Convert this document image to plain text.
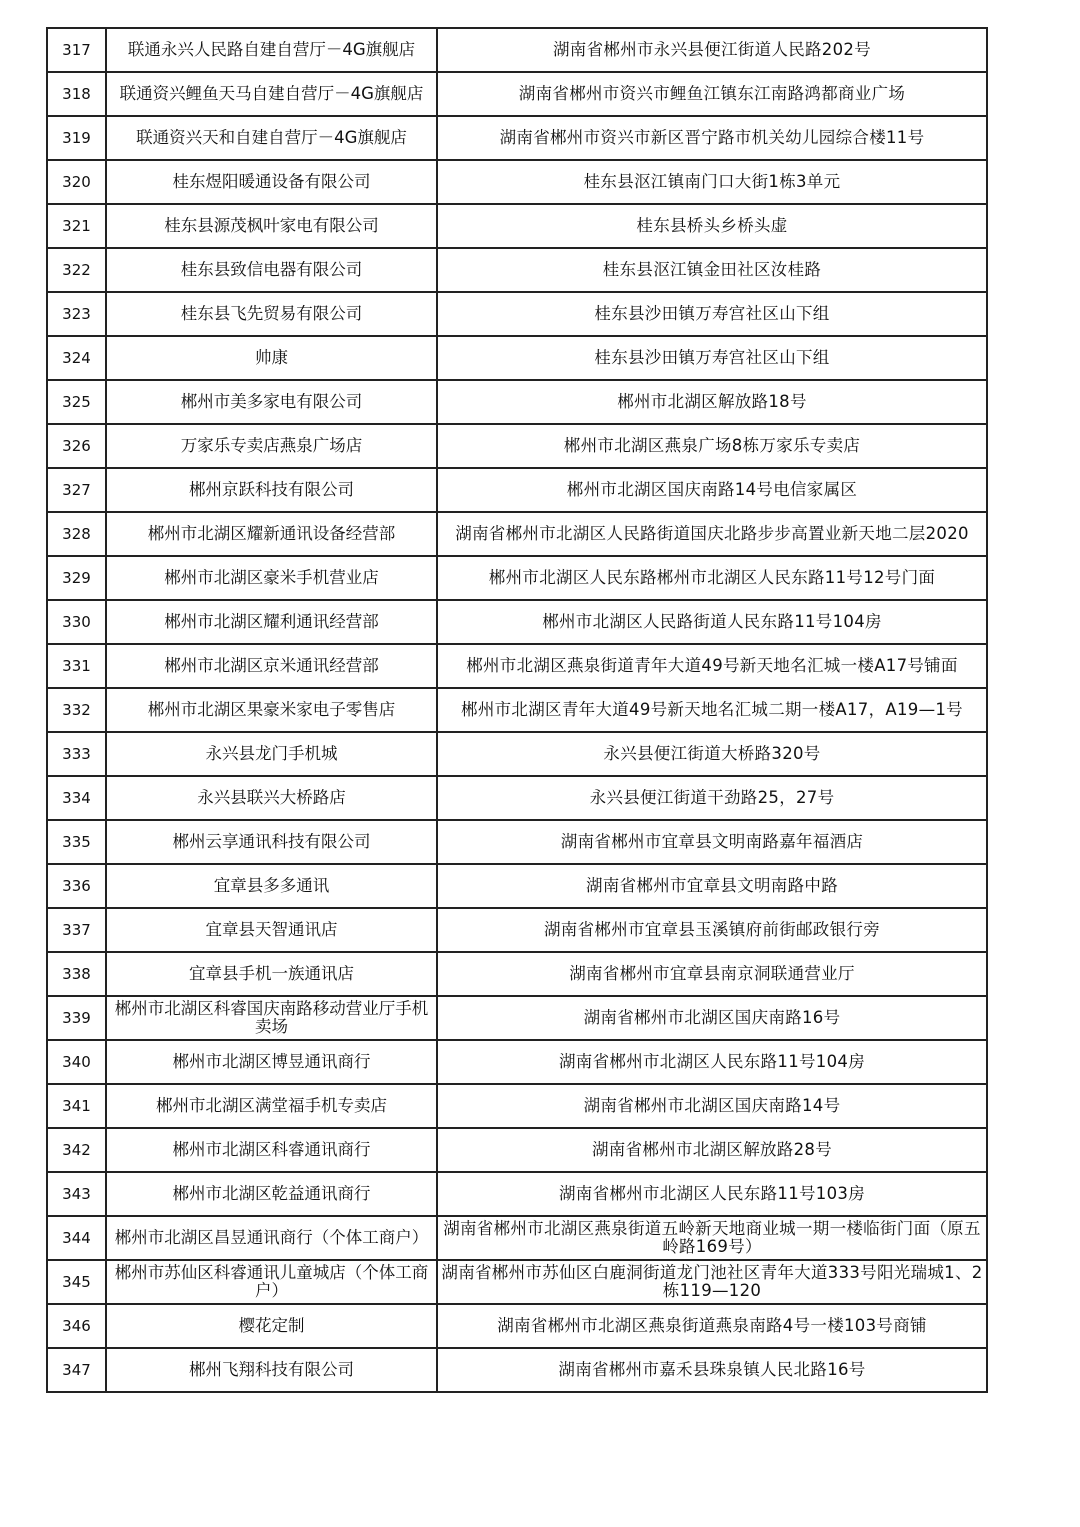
317	联通永兴人民路自建自营厅－4G旗舰店	湖南省郴州市永兴县便江街道人民路202号
318	联通资兴鲤鱼天马自建自营厅－4G旗舰店	湖南省郴州市资兴市鲤鱼江镇东江南路鸿都商业广场
319	联通资兴天和自建自营厅－4G旗舰店	湖南省郴州市资兴市新区晋宁路市机关幼儿园综合楼11号
320	桂东煜阳暖通设备有限公司	桂东县沤江镇南门口大街1栋3单元
321	桂东县源茂枫叶家电有限公司	桂东县桥头乡桥头虚
322	桂东县致信电器有限公司	桂东县沤江镇金田社区汝桂路
323	桂东县飞先贸易有限公司	桂东县沙田镇万寿宫社区山下组
324	帅康	桂东县沙田镇万寿宫社区山下组
325	郴州市美多家电有限公司	郴州市北湖区解放路18号
326	万家乐专卖店燕泉广场店	郴州市北湖区燕泉广场8栋万家乐专卖店
327	郴州京跃科技有限公司	郴州市北湖区国庆南路14号电信家属区
328	郴州市北湖区耀新通讯设备经营部	湖南省郴州市北湖区人民路街道国庆北路步步高置业新天地二层2020
329	郴州市北湖区豪米手机营业店	郴州市北湖区人民东路郴州市北湖区人民东路11号12号门面
330	郴州市北湖区耀利通讯经营部	郴州市北湖区人民路街道人民东路11号104房
331	郴州市北湖区京米通讯经营部	郴州市北湖区燕泉街道青年大道49号新天地名汇城一楼A17号铺面
332	郴州市北湖区果豪米家电子零售店	郴州市北湖区青年大道49号新天地名汇城二期一楼A17，A19—1号
333	永兴县龙门手机城	永兴县便江街道大桥路320号
334	永兴县联兴大桥路店	永兴县便江街道干劲路25，27号
335	郴州云享通讯科技有限公司	湖南省郴州市宜章县文明南路嘉年福酒店
336	宜章县多多通讯	湖南省郴州市宜章县文明南路中路
337	宜章县天智通讯店	湖南省郴州市宜章县玉溪镇府前街邮政银行旁
338	宜章县手机一族通讯店	湖南省郴州市宜章县南京洞联通营业厅
339	郴州市北湖区科睿国庆南路移动营业厅手机卖场	湖南省郴州市北湖区国庆南路16号
340	郴州市北湖区博昱通讯商行	湖南省郴州市北湖区人民东路11号104房
341	郴州市北湖区满堂福手机专卖店	湖南省郴州市北湖区国庆南路14号
342	郴州市北湖区科睿通讯商行	湖南省郴州市北湖区解放路28号
343	郴州市北湖区乾益通讯商行	湖南省郴州市北湖区人民东路11号103房
344	郴州市北湖区昌昱通讯商行（个体工商户）	湖南省郴州市北湖区燕泉街道五岭新天地商业城一期一楼临街门面（原五岭路169号）
345	郴州市苏仙区科睿通讯儿童城店（个体工商户）	湖南省郴州市苏仙区白鹿洞街道龙门池社区青年大道333号阳光瑞城1、2栋119—120
346	樱花定制	湖南省郴州市北湖区燕泉街道燕泉南路4号一楼103号商铺
347	郴州飞翔科技有限公司	湖南省郴州市嘉禾县珠泉镇人民北路16号
